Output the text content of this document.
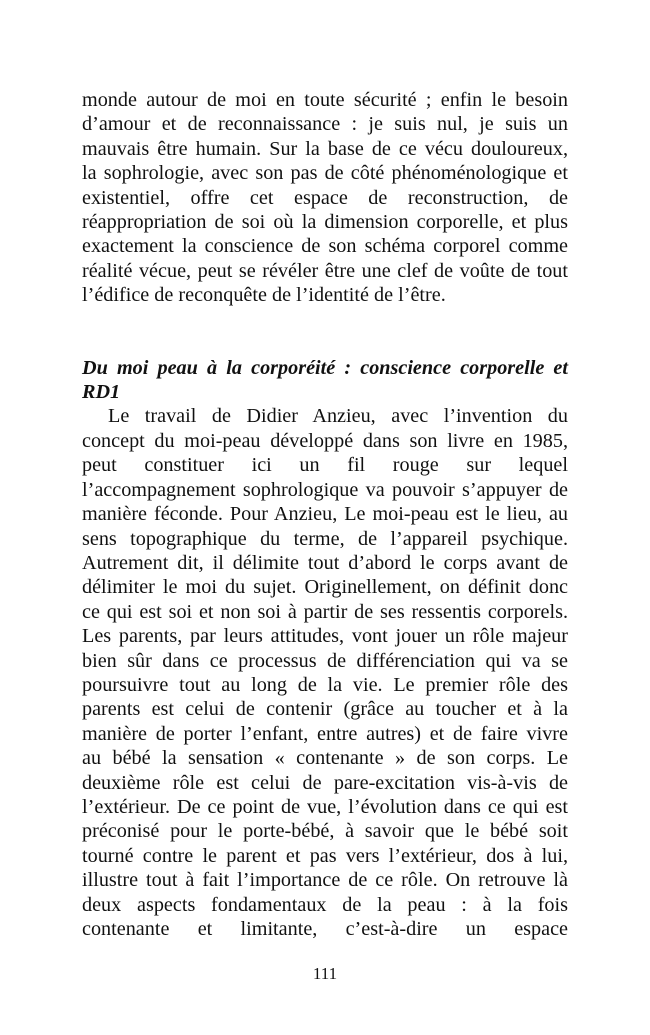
monde autour de moi en toute sécurité ; enfin le besoin
d’amour et de reconnaissance : je suis nul, je suis un
mauvais être humain. Sur la base de ce vécu douloureux,
la sophrologie, avec son pas de côté phénoménologique et
existentiel, offre cet espace de reconstruction, de
réappropriation de soi où la dimension corporelle, et plus
exactement la conscience de son schéma corporel comme
réalité vécue, peut se révéler être une clef de voûte de tout
l’édifice de reconquête de l’identité de l’être.

Du moi peau à la corporéité : conscience corporelle et
RD1

Le travail de Didier Anzieu, avec l’invention du
concept du moi-peau développé dans son livre en 1985,
peut constituer ici un fil rouge sur lequel
l’accompagnement sophrologique va pouvoir s’appuyer de
manière féconde. Pour Anzieu, Le moi-peau est le lieu, au
sens topographique du terme, de l’appareil psychique.
Autrement dit, il délimite tout d’abord le corps avant de
délimiter le moi du sujet. Originellement, on définit donc
ce qui est soi et non soi à partir de ses ressentis corporels.
Les parents, par leurs attitudes, vont jouer un rôle majeur
bien sûr dans ce processus de différenciation qui va se
poursuivre tout au long de la vie. Le premier rôle des
parents est celui de contenir (grâce au toucher et à la
manière de porter l’enfant, entre autres) et de faire vivre
au bébé la sensation « contenante » de son corps. Le
deuxième rôle est celui de pare-excitation vis-à-vis de
l’extérieur. De ce point de vue, l’évolution dans ce qui est
préconisé pour le porte-bébé, à savoir que le bébé soit
tourné contre le parent et pas vers l’extérieur, dos à lui,
illustre tout à fait l’importance de ce rôle. On retrouve là
deux aspects fondamentaux de la peau : à la fois
contenante et limitante, c’est-à-dire un espace

111
